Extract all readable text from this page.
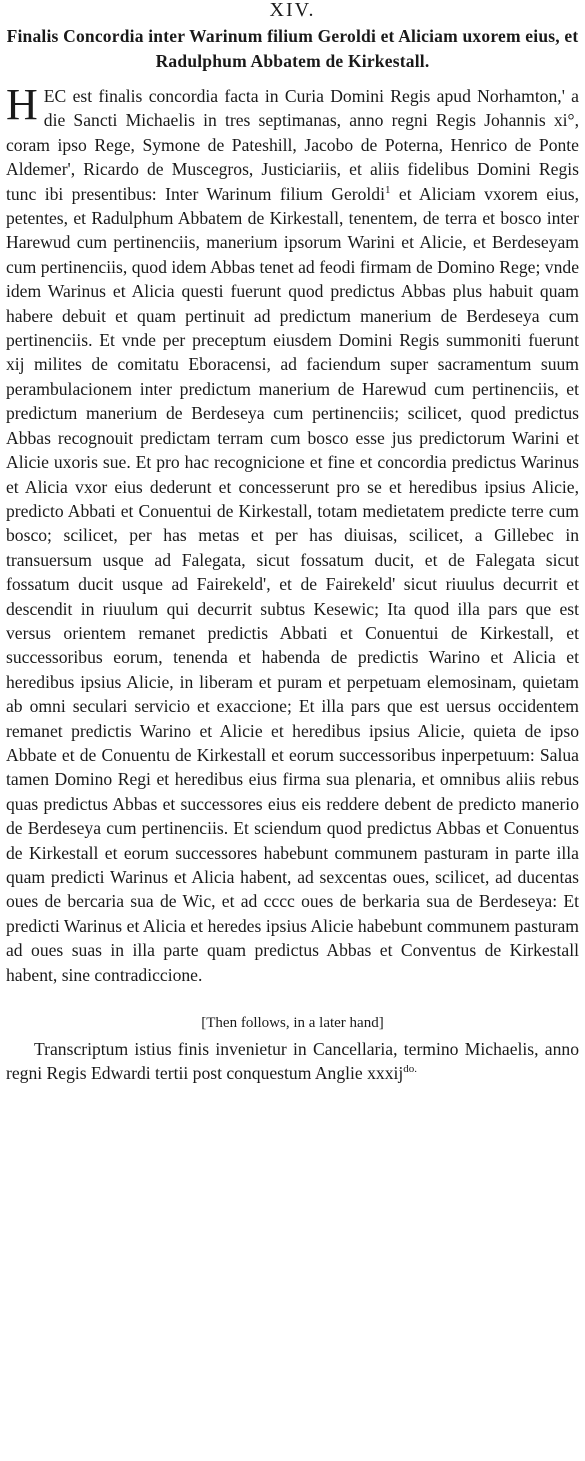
XIV.
Finalis Concordia inter Warinum filium Geroldi et Aliciam uxorem eius, et Radulphum Abbatem de Kirkestall.

HEC est finalis concordia facta in Curia Domini Regis apud Norhamton,' a die Sancti Michaelis in tres septimanas, anno regni Regis Johannis xi°, coram ipso Rege, Symone de Pateshill, Jacobo de Poterna, Henrico de Ponte Aldemer', Ricardo de Muscegros, Justiciariis, et aliis fidelibus Domini Regis tunc ibi presentibus: Inter Warinum filium Geroldi$^1$ et Aliciam vxorem eius, petentes, et Radulphum Abbatem de Kirkestall, tenentem, de terra et bosco inter Harewud cum pertinenciis, manerium ipsorum Warini et Alicie, et Berdeseyam cum pertinenciis, quod idem Abbas tenet ad feodi firmam de Domino Rege; vnde idem Warinus et Alicia questi fuerunt quod predictus Abbas plus habuit quam habere debuit et quam pertinuit ad predictum manerium de Berdeseya cum pertinenciis. Et vnde per preceptum eiusdem Domini Regis summoniti fuerunt xij milites de comitatu Eboracensi, ad faciendum super sacramentum suum perambulacionem inter predictum manerium de Harewud cum pertinenciis, et predictum manerium de Berdeseya cum pertinenciis; scilicet, quod predictus Abbas recognouit predictam terram cum bosco esse jus predictorum Warini et Alicie uxoris sue. Et pro hac recognicione et fine et concordia predictus Warinus et Alicia vxor eius dederunt et concesserunt pro se et heredibus ipsius Alicie, predicto Abbati et Conuentui de Kirkestall, totam medietatem predicte terre cum bosco; scilicet, per has metas et per has diuisas, scilicet, a Gillebec in transuersum usque ad Falegata, sicut fossatum ducit, et de Falegata sicut fossatum ducit usque ad Fairekeld', et de Fairekeld' sicut riuulus decurrit et descendit in riuulum qui decurrit subtus Kesewic; Ita quod illa pars que est versus orientem remanet predictis Abbati et Conuentui de Kirkestall, et successoribus eorum, tenenda et habenda de predictis Warino et Alicia et heredibus ipsius Alicie, in liberam et puram et perpetuam elemosinam, quietam ab omni seculari servicio et exaccione; Et illa pars que est uersus occidentem remanet predictis Warino et Alicie et heredibus ipsius Alicie, quieta de ipso Abbate et de Conuentu de Kirkestall et eorum successoribus inperpetuum: Salua tamen Domino Regi et heredibus eius firma sua plenaria, et omnibus aliis rebus quas predictus Abbas et successores eius eis reddere debent de predicto manerio de Berdeseya cum pertinenciis. Et sciendum quod predictus Abbas et Conuentus de Kirkestall et eorum successores habebunt communem pasturam in parte illa quam predicti Warinus et Alicia habent, ad sexcentas oues, scilicet, ad ducentas oues de bercaria sua de Wic, et ad cccc oues de berkaria sua de Berdeseya: Et predicti Warinus et Alicia et heredes ipsius Alicie habebunt communem pasturam ad oues suas in illa parte quam predictus Abbas et Conventus de Kirkestall habent, sine contradiccione.

[Then follows, in a later hand]

Transcriptum istius finis invenietur in Cancellaria, termino Michaelis, anno regni Regis Edwardi tertii post conquestum Anglie xxxij$^{do.}$
